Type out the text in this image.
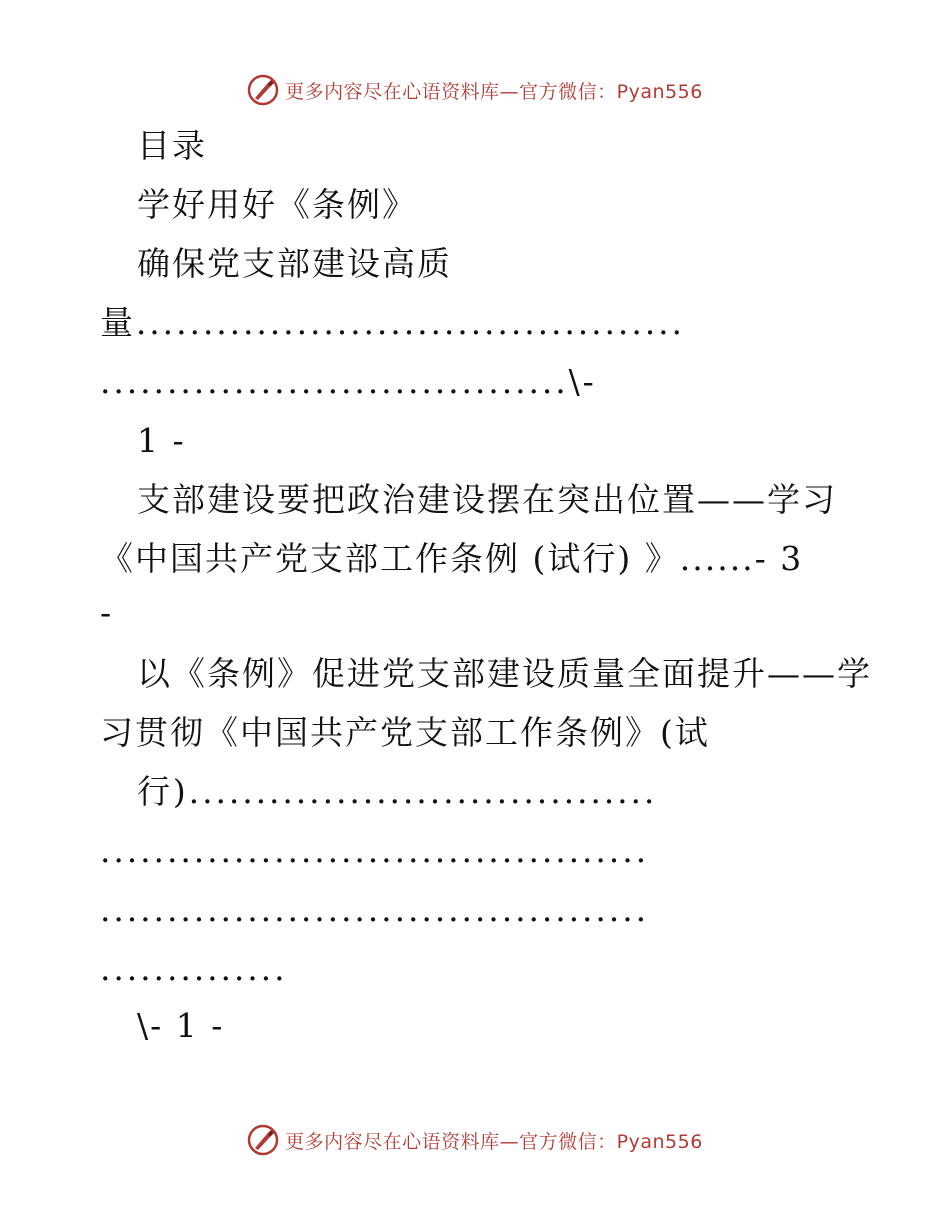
更多内容尽在心语资料库—官方微信：Pyan556
目录
学好用好《条例》
确保党支部建设高质
量.........................................
...................................\-
1 -
支部建设要把政治建设摆在突出位置——学习
《中国共产党支部工作条例 (试行) 》......- 3
-
以《条例》促进党支部建设质量全面提升——学
习贯彻《中国共产党支部工作条例》(试
行)...................................
.........................................
.........................................
..............
\- 1 -
更多内容尽在心语资料库—官方微信：Pyan556
